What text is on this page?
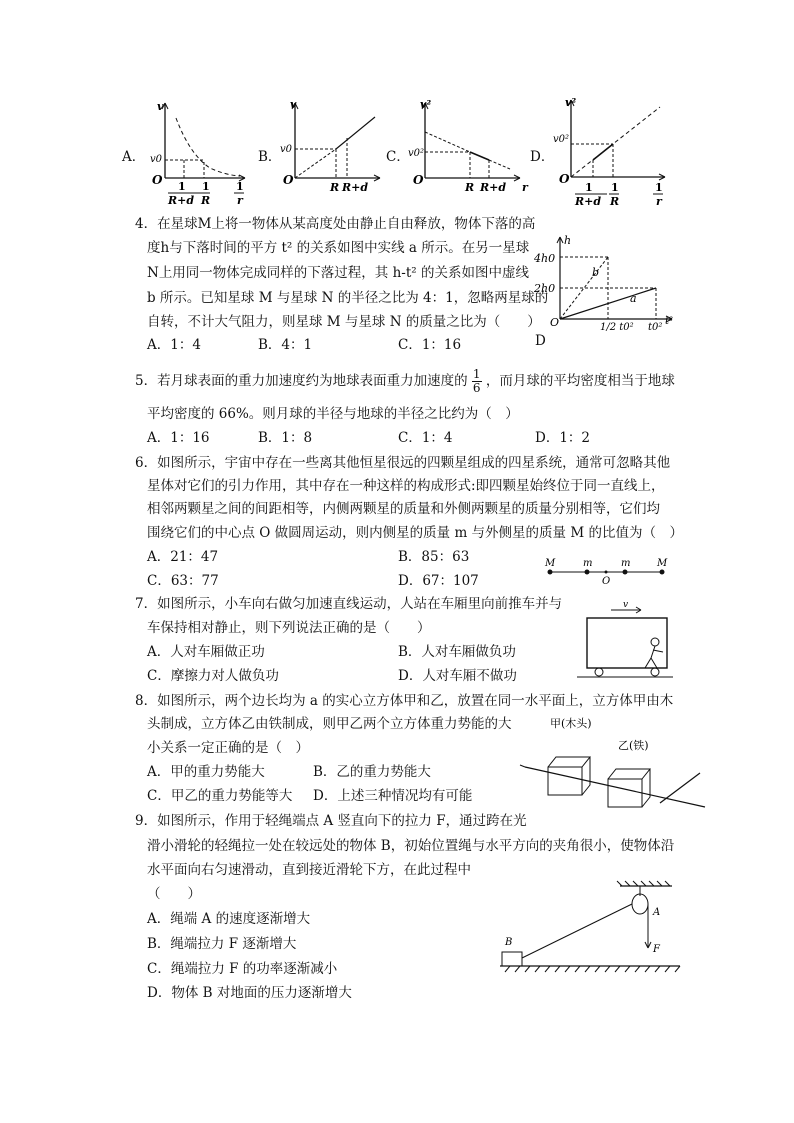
A．
v
v0
O 1
R+d
1
R
1
r
B．
v
v0
O
R R+d
C．
v²
v0²
O
R R+d r
D．
v²
v0²
O
1
R+d
1
R
1
r
4．在星球M上将一物体从某高度处由静止自由释放，物体下落的高
度h与下落时间的平方 t² 的关系如图中实线 a 所示。在另一星球
N上用同一物体完成同样的下落过程，其 h-t² 的关系如图中虚线
b 所示。已知星球 M 与星球 N 的半径之比为 4：1，忽略两星球的
自转，不计大气阻力，则星球 M 与星球 N 的质量之比为（　　）
A．1：4	B．4：1	C．1：16	D
h
4h0
2h0
O
a
b
1/2 t0² t0²
t²
5．若月球表面的重力加速度约为地球表面重力加速度的 $\frac{1}{6}$ ，而月球的平均密度相当于地球
平均密度的 66%。则月球的半径与地球的半径之比约为（　）
A．1：16	B．1：8	C．1：4	D．1：2
6．如图所示，宇宙中存在一些离其他恒星很远的四颗星组成的四星系统，通常可忽略其他
星体对它们的引力作用，其中存在一种这样的构成形式:即四颗星始终位于同一直线上，
相邻两颗星之间的间距相等，内侧两颗星的质量和外侧两颗星的质量分别相等，它们均
围绕它们的中心点 O 做圆周运动，则内侧星的质量 m 与外侧星的质量 M 的比值为（　）
A．21：47	B．85：63
C．63：77	D．67：107
M	m
O
m	M
7．如图所示，小车向右做匀加速直线运动，人站在车厢里向前推车并与
车保持相对静止，则下列说法正确的是（　　）
A．人对车厢做正功	B．人对车厢做负功
C．摩擦力对人做负功	D．人对车厢不做功
v
8．如图所示，两个边长均为 a 的实心立方体甲和乙，放置在同一水平面上，立方体甲由木
头制成，立方体乙由铁制成，则甲乙两个立方体重力势能的大
小关系一定正确的是（　）
A．甲的重力势能大	B．乙的重力势能大
C．甲乙的重力势能等大 D．上述三种情况均有可能
甲(木头)
乙(铁)
9．如图所示，作用于轻绳端点 A 竖直向下的拉力 F，通过跨在光
滑小滑轮的轻绳拉一处在较远处的物体 B，初始位置绳与水平方向的夹角很小，使物体沿
水平面向右匀速滑动，直到接近滑轮下方，在此过程中
（　　）
A．绳端 A 的速度逐渐增大
B．绳端拉力 F 逐渐增大
C．绳端拉力 F 的功率逐渐减小
D．物体 B 对地面的压力逐渐增大
A
F
B
